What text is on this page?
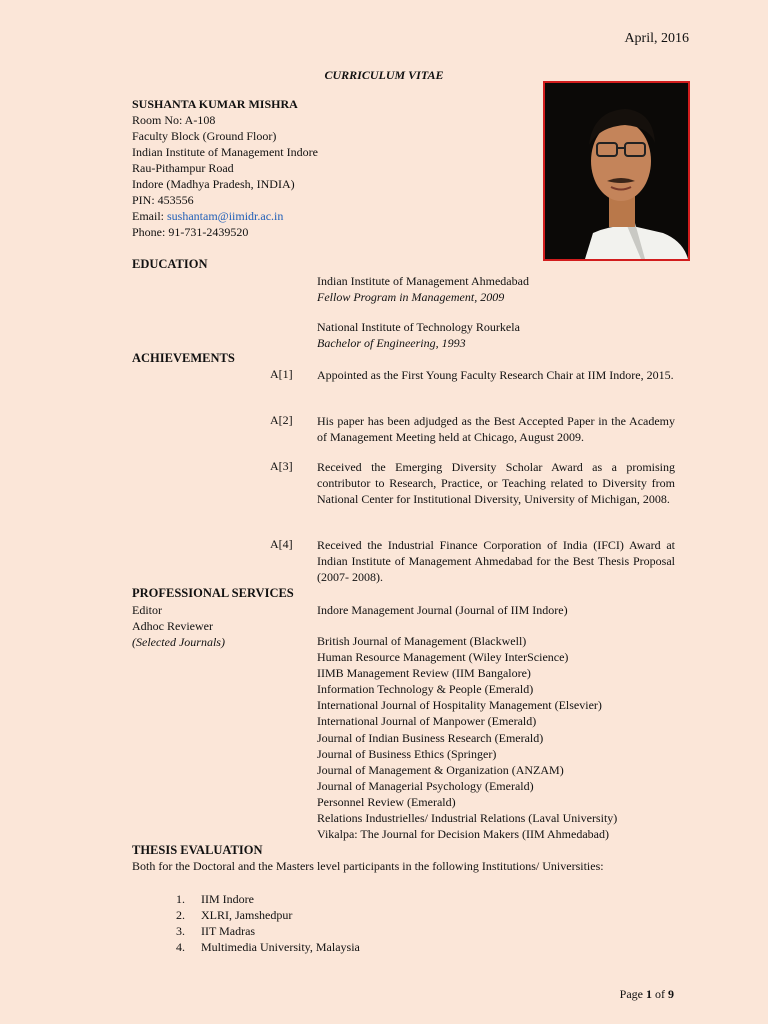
April, 2016
CURRICULUM VITAE
SUSHANTA KUMAR MISHRA
Room No: A-108
Faculty Block (Ground Floor)
Indian Institute of Management Indore
Rau-Pithampur Road
Indore (Madhya Pradesh, INDIA)
PIN: 453556
Email: sushantam@iimidr.ac.in
Phone: 91-731-2439520
EDUCATION
Indian Institute of Management Ahmedabad
Fellow Program in Management, 2009
National Institute of Technology Rourkela
Bachelor of Engineering, 1993
ACHIEVEMENTS
A[1] Appointed as the First Young Faculty Research Chair at IIM Indore, 2015.
A[2] His paper has been adjudged as the Best Accepted Paper in the Academy of Management Meeting held at Chicago, August 2009.
A[3] Received the Emerging Diversity Scholar Award as a promising contributor to Research, Practice, or Teaching related to Diversity from National Center for Institutional Diversity, University of Michigan, 2008.
A[4] Received the Industrial Finance Corporation of India (IFCI) Award at Indian Institute of Management Ahmedabad for the Best Thesis Proposal (2007- 2008).
PROFESSIONAL SERVICES
Editor	Indore Management Journal (Journal of IIM Indore)
Adhoc Reviewer
(Selected Journals)	British Journal of Management (Blackwell)
Human Resource Management (Wiley InterScience)
IIMB Management Review (IIM Bangalore)
Information Technology & People (Emerald)
International Journal of Hospitality Management (Elsevier)
International Journal of Manpower (Emerald)
Journal of Indian Business Research (Emerald)
Journal of Business Ethics (Springer)
Journal of Management & Organization (ANZAM)
Journal of Managerial Psychology (Emerald)
Personnel Review (Emerald)
Relations Industrielles/ Industrial Relations (Laval University)
Vikalpa: The Journal for Decision Makers (IIM Ahmedabad)
THESIS EVALUATION
Both for the Doctoral and the Masters level participants in the following Institutions/ Universities:
1. IIM Indore
2. XLRI, Jamshedpur
3. IIT Madras
4. Multimedia University, Malaysia
Page 1 of 9
